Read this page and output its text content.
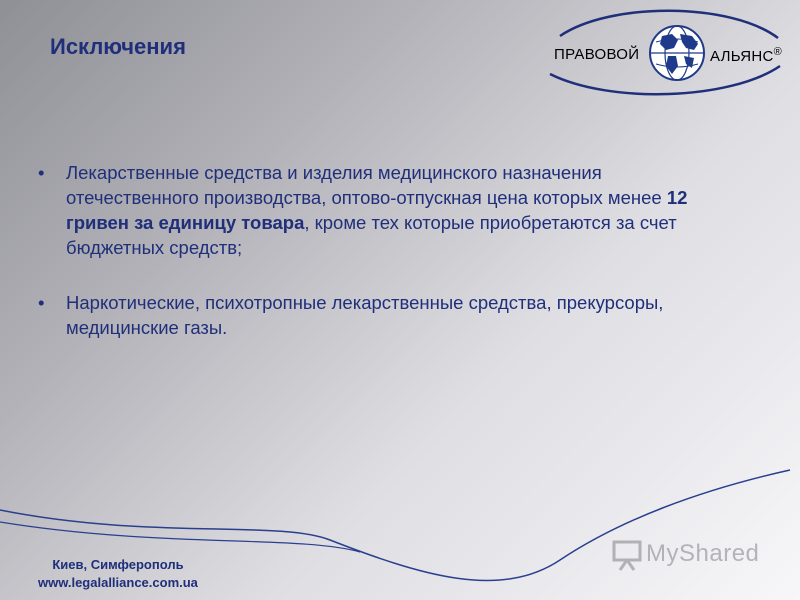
Исключения	ПРАВОВОЙ	АЛЬЯНС®
• Лекарственные средства и изделия медицинского назначения отечественного производства, оптово-отпускная цена которых менее 12 гривен за единицу товара, кроме тех которые приобретаются за счет бюджетных средств;
• Наркотические, психотропные лекарственные средства, прекурсоры, медицинские газы.
Киев, Симферополь
www.legalalliance.com.ua
MyShared
